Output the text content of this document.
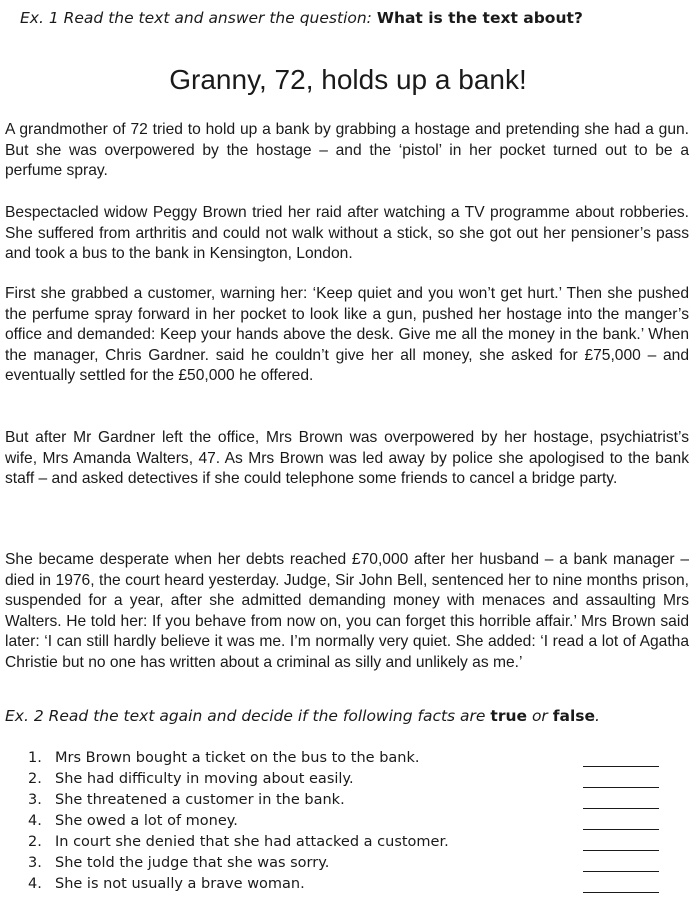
Ex. 1 Read the text and answer the question: What is the text about?
Granny, 72, holds up a bank!

A grandmother of 72 tried to hold up a bank by grabbing a hostage and pretending she had a gun. But she was overpowered by the hostage – and the ‘pistol’ in her pocket turned out to be a perfume spray.

Bespectacled widow Peggy Brown tried her raid after watching a TV programme about robberies. She suffered from arthritis and could not walk without a stick, so she got out her pensioner’s pass and took a bus to the bank in Kensington, London.

First she grabbed a customer, warning her: ‘Keep quiet and you won’t get hurt.’ Then she pushed the perfume spray forward in her pocket to look like a gun, pushed her hostage into the manger’s office and demanded: Keep your hands above the desk. Give me all the money in the bank.’ When the manager, Chris Gardner. said he couldn’t give her all money, she asked for £75,000 – and eventually settled for the £50,000 he offered.

But after Mr Gardner left the office, Mrs Brown was overpowered by her hostage, psychiatrist’s wife, Mrs Amanda Walters, 47. As Mrs Brown was led away by police she apologised to the bank staff – and asked detectives if she could telephone some friends to cancel a bridge party.

She became desperate when her debts reached £70,000 after her husband – a bank manager – died in 1976, the court heard yesterday. Judge, Sir John Bell, sentenced her to nine months prison, suspended for a year, after she admitted demanding money with menaces and assaulting Mrs Walters. He told her: If you behave from now on, you can forget this horrible affair.’ Mrs Brown said later: ‘I can still hardly believe it was me. I’m normally very quiet. She added: ‘I read a lot of Agatha Christie but no one has written about a criminal as silly and unlikely as me.’

Ex. 2 Read the text again and decide if the following facts are true or false.
1. Mrs Brown bought a ticket on the bus to the bank.
2. She had difficulty in moving about easily.
3. She threatened a customer in the bank.
4. She owed a lot of money.
2. In court she denied that she had attacked a customer.
3. She told the judge that she was sorry.
4. She is not usually a brave woman.
